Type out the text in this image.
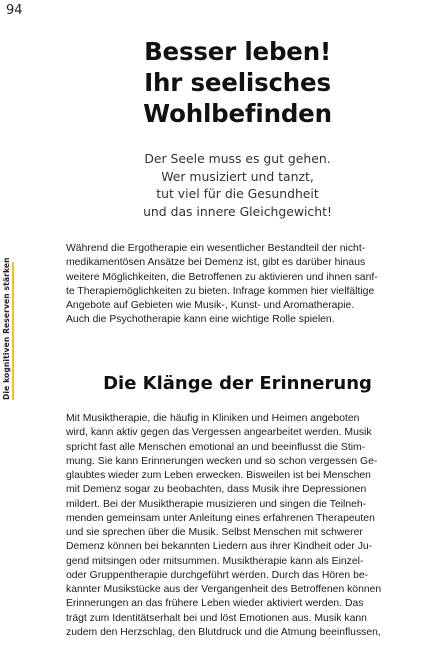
94
Die kognitiven Reserven stärken
Besser leben!
Ihr seelisches
Wohlbefinden

Der Seele muss es gut gehen.
Wer musiziert und tanzt,
tut viel für die Gesundheit
und das innere Gleichgewicht!

Während die Ergotherapie ein wesentlicher Bestandteil der nicht-
medikamentösen Ansätze bei Demenz ist, gibt es darüber hinaus
weitere Möglichkeiten, die Betroffenen zu aktivieren und ihnen sanf-
te Therapiemöglichkeiten zu bieten. Infrage kommen hier vielfältige
Angebote auf Gebieten wie Musik-, Kunst- und Aromatherapie.
Auch die Psychotherapie kann eine wichtige Rolle spielen.

Die Klänge der Erinnerung

Mit Musiktherapie, die häufig in Kliniken und Heimen angeboten
wird, kann aktiv gegen das Vergessen angearbeitet werden. Musik
spricht fast alle Menschen emotional an und beeinflusst die Stim-
mung. Sie kann Erinnerungen wecken und so schon vergessen Ge-
glaubtes wieder zum Leben erwecken. Bisweilen ist bei Menschen
mit Demenz sogar zu beobachten, dass Musik ihre Depressionen
mildert. Bei der Musiktherapie musizieren und singen die Teilneh-
menden gemeinsam unter Anleitung eines erfahrenen Therapeuten
und sie sprechen über die Musik. Selbst Menschen mit schwerer
Demenz können bei bekannten Liedern aus ihrer Kindheit oder Ju-
gend mitsingen oder mitsummen. Musiktherapie kann als Einzel-
oder Gruppentherapie durchgeführt werden. Durch das Hören be-
kannter Musikstücke aus der Vergangenheit des Betroffenen können
Erinnerungen an das frühere Leben wieder aktiviert werden. Das
trägt zum Identitätserhalt bei und löst Emotionen aus. Musik kann
zudem den Herzschlag, den Blutdruck und die Atmung beeinflussen,
